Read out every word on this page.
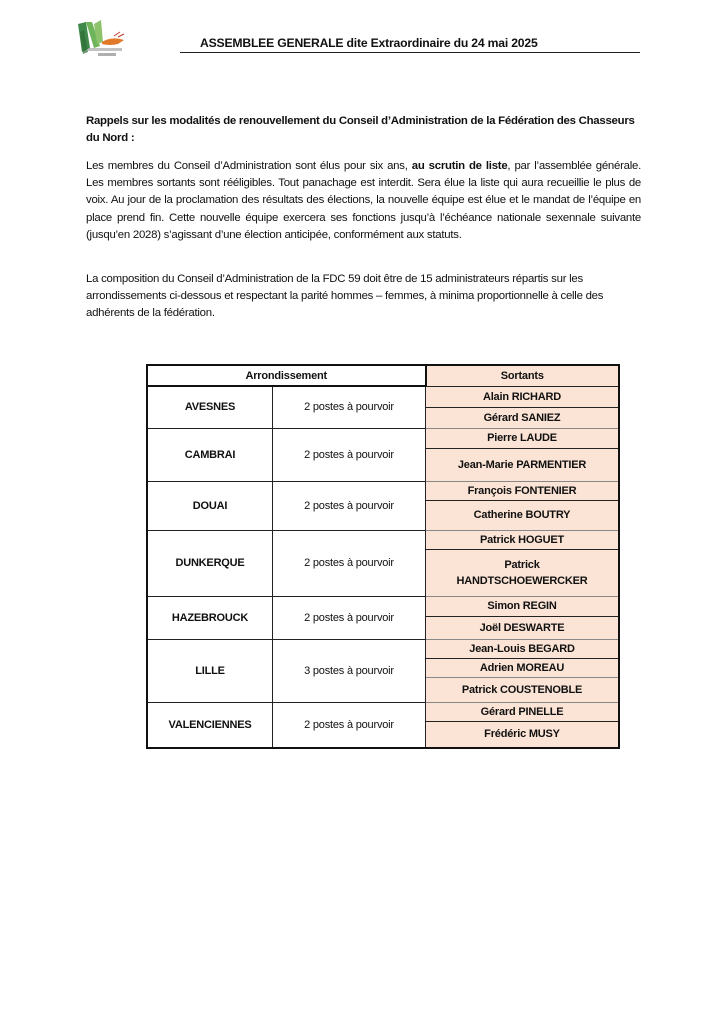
ASSEMBLEE GENERALE dite Extraordinaire du 24 mai 2025
Rappels sur les modalités de renouvellement du Conseil d’Administration de la Fédération des Chasseurs du Nord :
Les membres du Conseil d’Administration sont élus pour six ans, au scrutin de liste, par l’assemblée générale. Les membres sortants sont rééligibles. Tout panachage est interdit. Sera élue la liste qui aura recueillie le plus de voix. Au jour de la proclamation des résultats des élections, la nouvelle équipe est élue et le mandat de l’équipe en place prend fin. Cette nouvelle équipe exercera ses fonctions jusqu’à l’échéance nationale sexennale suivante (jusqu’en 2028) s’agissant d’une élection anticipée, conformément aux statuts.
La composition du Conseil d’Administration de la FDC 59 doit être de 15 administrateurs répartis sur les arrondissements ci-dessous et respectant la parité hommes – femmes, à minima proportionnelle à celle des adhérents de la fédération.
Arrondissement		Sortants
AVESNES	2 postes à pourvoir	Alain RICHARD
		Gérard SANIEZ
CAMBRAI	2 postes à pourvoir	Pierre LAUDE
		Jean-Marie PARMENTIER
DOUAI	2 postes à pourvoir	François FONTENIER
		Catherine BOUTRY
DUNKERQUE	2 postes à pourvoir	Patrick HOGUET
		Patrick HANDTSCHOEWERCKER
HAZEBROUCK	2 postes à pourvoir	Simon REGIN
		Joël DESWARTE
LILLE	3 postes à pourvoir	Jean-Louis BEGARD
		Adrien MOREAU
		Patrick COUSTENOBLE
VALENCIENNES	2 postes à pourvoir	Gérard PINELLE
		Frédéric MUSY
